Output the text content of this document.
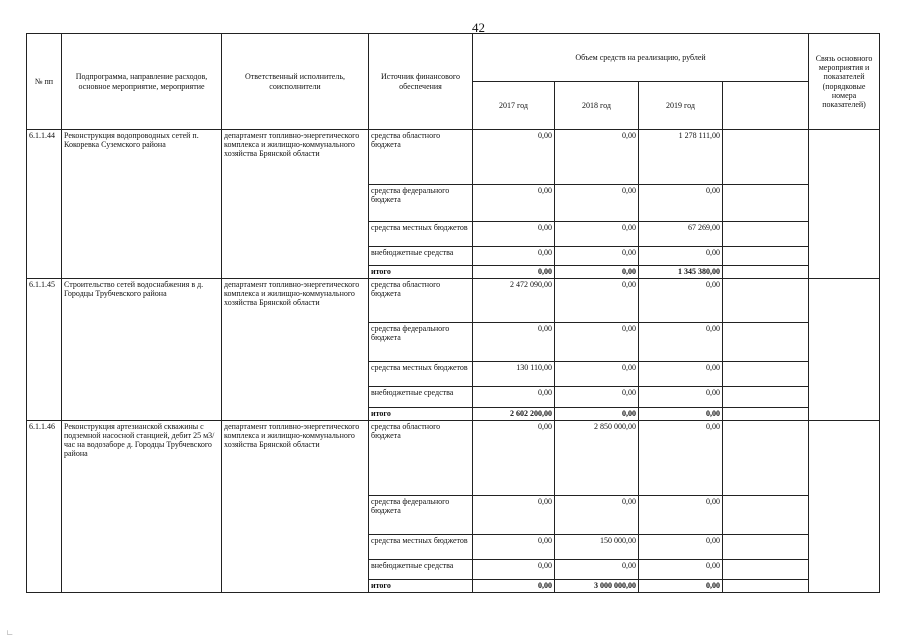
42
№ пп	Подпрограмма, направление расходов, основное мероприятие, мероприятие	Ответственный исполнитель, соисполнители	Источник финансового обеспечения	Объем средств на реализацию, рублей				Связь основного мероприятия и показателей (порядковые номера показателей)
				2017 год	2018 год	2019 год		
6.1.1.44	Реконструкция водопроводных сетей п. Кокоревка Суземского района	департамент топливно-энергетического комплекса и жилищно-коммунального хозяйства Брянской области	средства областного бюджета	0,00	0,00	1 278 111,00		
			средства федерального бюджета	0,00	0,00	0,00		
			средства местных бюджетов	0,00	0,00	67 269,00		
			внебюджетные средства	0,00	0,00	0,00		
			итого	0,00	0,00	1 345 380,00		
6.1.1.45	Строительство сетей водоснабжения в д. Городцы Трубчевского района	департамент топливно-энергетического комплекса и жилищно-коммунального хозяйства Брянской области	средства областного бюджета	2 472 090,00	0,00	0,00		
			средства федерального бюджета	0,00	0,00	0,00		
			средства местных бюджетов	130 110,00	0,00	0,00		
			внебюджетные средства	0,00	0,00	0,00		
			итого	2 602 200,00	0,00	0,00		
6.1.1.46	Реконструкция артезианской скважины с подземной насосной станцией, дебит 25 м3/час на водозаборе д. Городцы Трубчевского района	департамент топливно-энергетического комплекса и жилищно-коммунального хозяйства Брянской области	средства областного бюджета	0,00	2 850 000,00	0,00		
			средства федерального бюджета	0,00	0,00	0,00		
			средства местных бюджетов	0,00	150 000,00	0,00		
			внебюджетные средства	0,00	0,00	0,00		
			итого	0,00	3 000 000,00	0,00		
∟
